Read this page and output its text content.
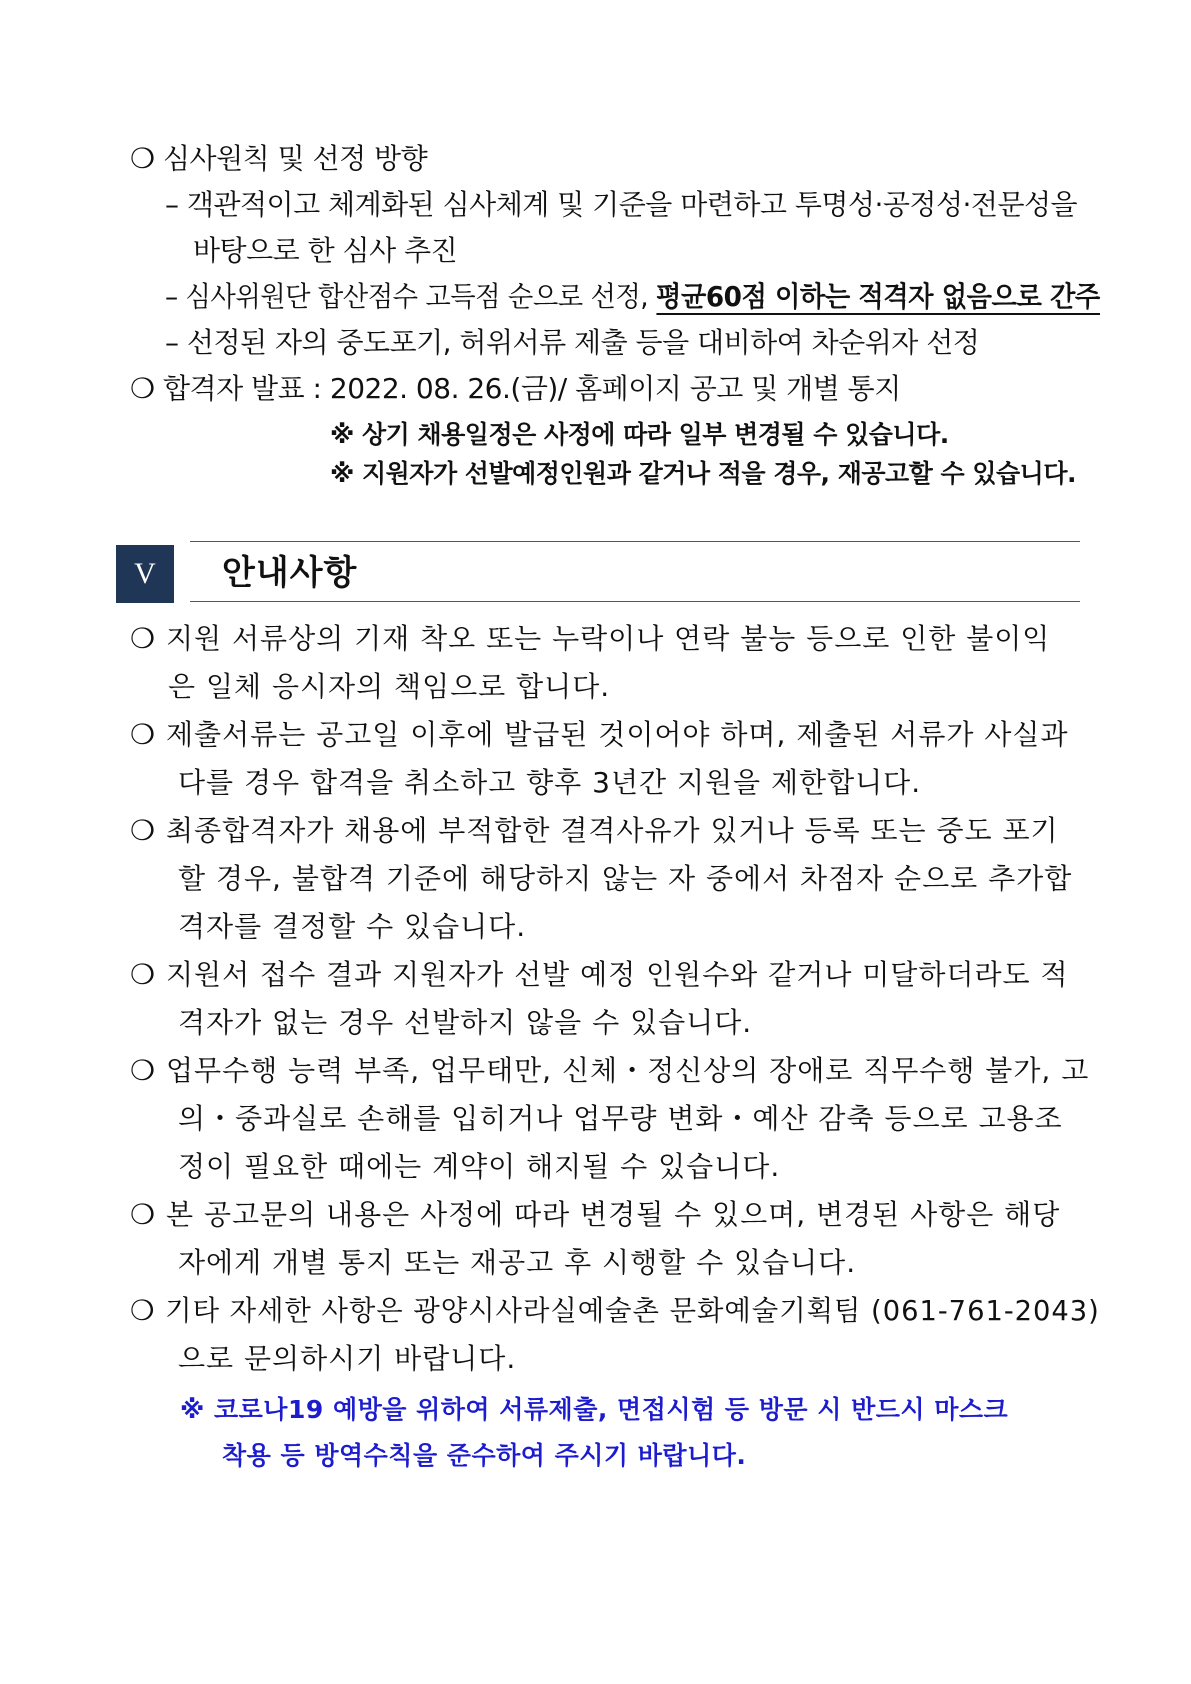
❍ 심사원칙 및 선정 방향
– 객관적이고 체계화된 심사체계 및 기준을 마련하고 투명성·공정성·전문성을
바탕으로 한 심사 추진
– 심사위원단 합산점수 고득점 순으로 선정, 평균60점 이하는 적격자 없음으로 간주
– 선정된 자의 중도포기, 허위서류 제출 등을 대비하여 차순위자 선정
❍ 합격자 발표 : 2022. 08. 26.(금)/ 홈페이지 공고 및 개별 통지
※ 상기 채용일정은 사정에 따라 일부 변경될 수 있습니다.
※ 지원자가 선발예정인원과 같거나 적을 경우, 재공고할 수 있습니다.
V	안내사항
❍ 지원 서류상의 기재 착오 또는 누락이나 연락 불능 등으로 인한 불이익
은 일체 응시자의 책임으로 합니다.
❍ 제출서류는 공고일 이후에 발급된 것이어야 하며, 제출된 서류가 사실과
다를 경우 합격을 취소하고 향후 3년간 지원을 제한합니다.
❍ 최종합격자가 채용에 부적합한 결격사유가 있거나 등록 또는 중도 포기
할 경우, 불합격 기준에 해당하지 않는 자 중에서 차점자 순으로 추가합
격자를 결정할 수 있습니다.
❍ 지원서 접수 결과 지원자가 선발 예정 인원수와 같거나 미달하더라도 적
격자가 없는 경우 선발하지 않을 수 있습니다.
❍ 업무수행 능력 부족, 업무태만, 신체・정신상의 장애로 직무수행 불가, 고
의・중과실로 손해를 입히거나 업무량 변화・예산 감축 등으로 고용조
정이 필요한 때에는 계약이 해지될 수 있습니다.
❍ 본 공고문의 내용은 사정에 따라 변경될 수 있으며, 변경된 사항은 해당
자에게 개별 통지 또는 재공고 후 시행할 수 있습니다.
❍ 기타 자세한 사항은 광양시사라실예술촌 문화예술기획팀 (061-761-2043)
으로 문의하시기 바랍니다.
※ 코로나19 예방을 위하여 서류제출, 면접시험 등 방문 시 반드시 마스크
착용 등 방역수칙을 준수하여 주시기 바랍니다.
